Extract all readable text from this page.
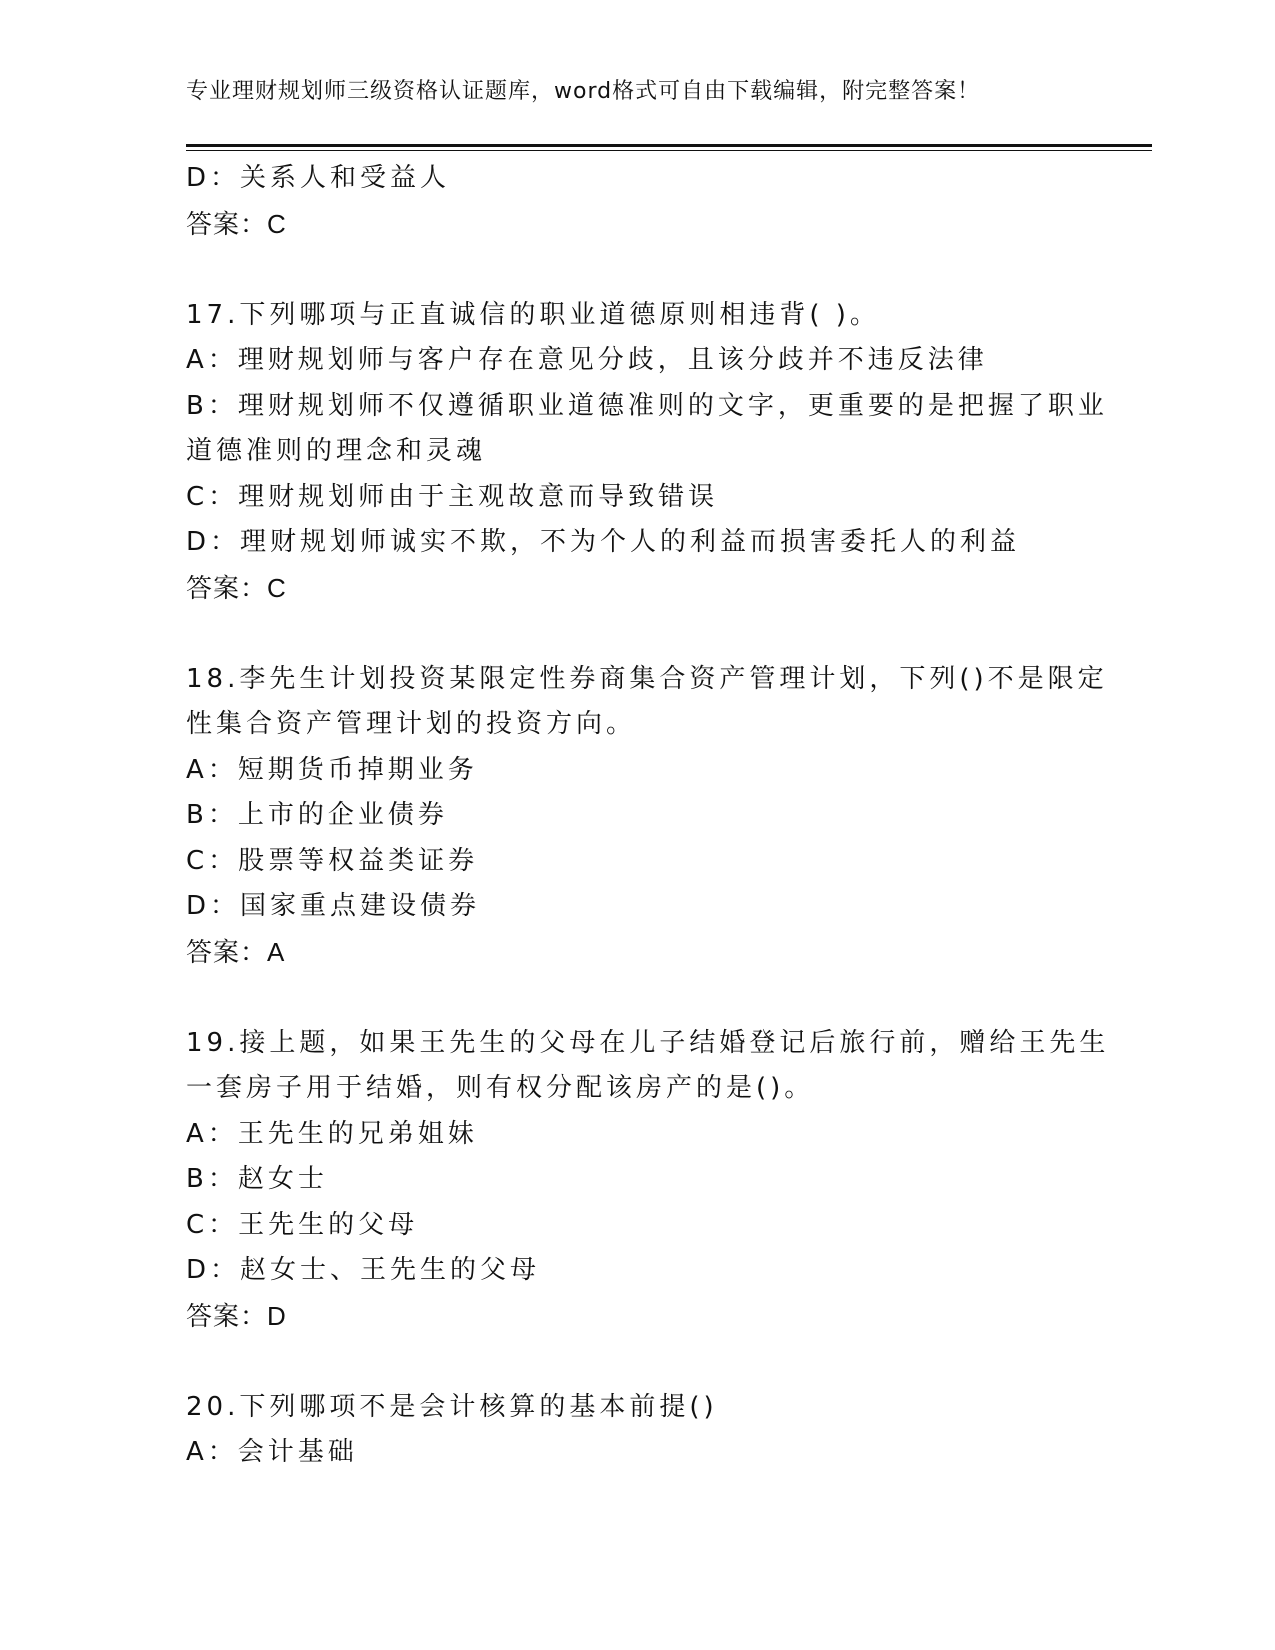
专业理财规划师三级资格认证题库，word格式可自由下载编辑，附完整答案！
D：关系人和受益人
答案：C
17.下列哪项与正直诚信的职业道德原则相违背( )。
A：理财规划师与客户存在意见分歧，且该分歧并不违反法律
B：理财规划师不仅遵循职业道德准则的文字，更重要的是把握了职业
道德准则的理念和灵魂
C：理财规划师由于主观故意而导致错误
D：理财规划师诚实不欺，不为个人的利益而损害委托人的利益
答案：C
18.李先生计划投资某限定性券商集合资产管理计划，下列()不是限定
性集合资产管理计划的投资方向。
A：短期货币掉期业务
B：上市的企业债券
C：股票等权益类证券
D：国家重点建设债券
答案：A
19.接上题，如果王先生的父母在儿子结婚登记后旅行前，赠给王先生
一套房子用于结婚，则有权分配该房产的是()。
A：王先生的兄弟姐妹
B：赵女士
C：王先生的父母
D：赵女士、王先生的父母
答案：D
20.下列哪项不是会计核算的基本前提()
A：会计基础
